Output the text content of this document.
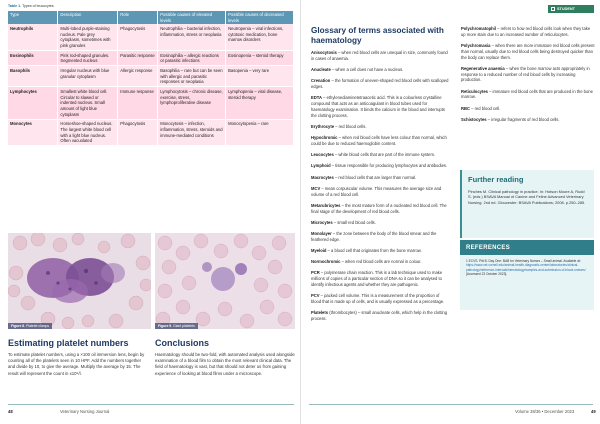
Table 1. Types of leucocytes
Type	Description	Role	Possible causes of elevated levels	Possible causes of decreased levels
Neutrophils	Multi-lobed purple-staining nucleus. Pale grey cytoplasm, sometimes with pink granules	Phagocytosis	Neutrophilia – bacterial infection, inflammation, stress or neoplasia	Neutropenia – viral infections, cytotoxic medication, bone marrow disorders
Eosinophils	Pink rod-shaped granules. Segmented nucleus	Parasitic response	Eosinophilia – allergic reactions or parasitic infections	Eosinopenia – steroid therapy
Basophils	Irregular nucleus with blue granular cytoplasm	Allergic response	Basophilia – rare but can be seen with allergic and parasitic responses or neoplasia	Basopenia – very rare
Lymphocytes	Smallest white blood cell. Circular to slawed or indented nucleus. Small amount of light blue cytoplasm	Immune response	Lymphocytosis – chronic disease, exercise, stress, lymphoproliferative disease	Lymphopenia – viral disease, steroid therapy
Monocytes	Horseshoe-shaped nucleus. The largest white blood cell with a light blue nucleus. Often vacuolated	Phagocytosis	Monocytosis – infection, inflammation, stress, steroids and immune-mediated conditions	Monocytopenia – rare
Figure 8. Platelet clumps	Figure 9. Giant platelets
Estimating platelet numbers
To estimate platelet numbers, using a ×100 oil immersion lens, begin by counting all of the platelets seen in 10 HPF. Add the numbers together and divide by 10, to give the average. Multiply the average by 15. The result will represent the count in x10⁹/l.
Conclusions
Haematology should be two-fold, with automated analysis used alongside examination of a blood film to obtain the most relevant clinical data. The field of haematology is vast, but that should not deter us from gaining experience of looking at blood films under a microscope.
48	Veterinary Nursing Journal
STUDENT
Glossary of terms associated with haematology
Anisocytosis – when red blood cells are unequal in size, commonly found in cases of anaemia.
Anucleate – when a cell does not have a nucleus.
Crenation – the formation of uneven-shaped red blood cells with scalloped edges.
EDTA – ethylenediaminetetraacetic acid. This is a colourless crystalline compound that acts as an anticoagulant in blood tubes used for haematology examination. It binds the calcium in the blood and interrupts the clotting process.
Erythrocyte – red blood cells.
Hypochromic – when red blood cells have less colour than normal, which could be due to reduced haemoglobin content.
Leucocytes – white blood cells that are part of the immune system.
Lymphoid – tissue responsible for producing lymphocytes and antibodies.
Macrocytes – red blood cells that are larger than normal.
MCV – mean corpuscular volume. This measures the average size and volume of a red blood cell.
Metarubricytes – the most mature form of a nucleated red blood cell. The final stage of the development of red blood cells.
Microcytes – small red blood cells.
Monolayer – the zone between the body of the blood smear and the feathered edge.
Myeloid – a blood cell that originates from the bone marrow.
Normochromic – when red blood cells are normal in colour.
PCR – polymerase chain reaction. This is a lab technique used to make millions of copies of a particular section of DNA so it can be analysed to identify infectious agents and whether they are pathogenic.
PCV – packed cell volume. This is a measurement of the proportion of blood that is made up of cells, and is usually expressed as a percentage.
Platelets (thrombocytes) – small anucleate cells, which help in the clotting process.
Polychromatophil – refers to how red blood cells look when they take up more stain due to an increased number of reticulocytes.
Polychromasia – when there are more immature red blood cells present than normal, usually due to red blood cells being destroyed quicker than the body can replace them.
Regenerative anaemia – when the bone marrow acts appropriately in response to a reduced number of red blood cells by increasing production.
Reticulocytes – immature red blood cells that are produced in the bone marrow.
RBC – red blood cell.
Schistocytes – irregular fragments of red blood cells.
Further reading
Pinches M. Clinical pathology in practice. In: Hotson Moore A, Rudd S. (eds.) BSAVA Manual of Canine and Feline Advanced Veterinary Nursing. 2nd ed. Gloucester: BSAVA Publications; 2008. p.250–285.
REFERENCES
1 ECVS. Pitt B. Day One: BAB for Veterinary Nurses – Small animal. Available at: https://www.vet.cornell.edu/animal-health-diagnostic-center/laboratories/clinical-pathology/reference-intervals/hematology/samples-and-submission-of-blood-smears/ [Accessed 23 October 2023].
Volume 38/36 • December 2023	49
